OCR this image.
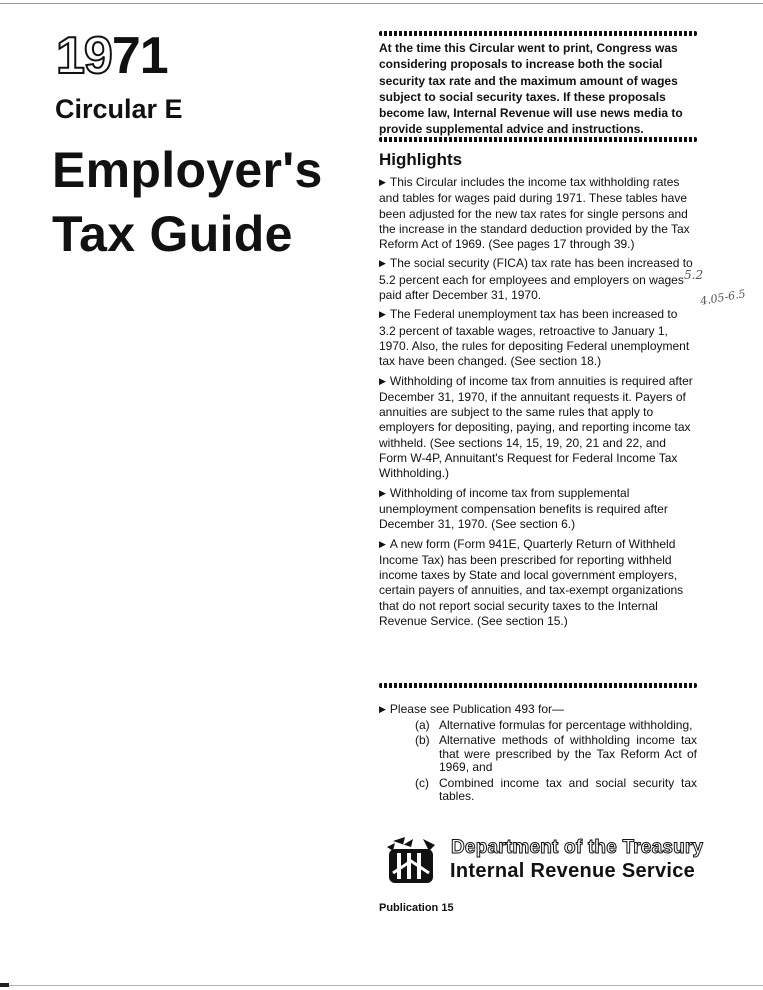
1971
Circular E
Employer's
Tax Guide
At the time this Circular went to print, Congress was considering proposals to increase both the social security tax rate and the maximum amount of wages subject to social security taxes. If these proposals become law, Internal Revenue will use news media to provide supplemental advice and instructions.
Highlights
▶ This Circular includes the income tax withholding rates and tables for wages paid during 1971. These tables have been adjusted for the new tax rates for single persons and the increase in the standard deduction provided by the Tax Reform Act of 1969. (See pages 17 through 39.)
▶ The social security (FICA) tax rate has been increased to 5.2 percent each for employees and employers on wages paid after December 31, 1970.
▶ The Federal unemployment tax has been increased to 3.2 percent of taxable wages, retroactive to January 1, 1970. Also, the rules for depositing Federal unemployment tax have been changed. (See section 18.)
▶ Withholding of income tax from annuities is required after December 31, 1970, if the annuitant requests it. Payers of annuities are subject to the same rules that apply to employers for depositing, paying, and reporting income tax withheld. (See sections 14, 15, 19, 20, 21 and 22, and Form W-4P, Annuitant's Request for Federal Income Tax Withholding.)
▶ Withholding of income tax from supplemental unemployment compensation benefits is required after December 31, 1970. (See section 6.)
▶ A new form (Form 941E, Quarterly Return of Withheld Income Tax) has been prescribed for reporting withheld income taxes by State and local government employers, certain payers of annuities, and tax-exempt organizations that do not report social security taxes to the Internal Revenue Service. (See section 15.)
▶ Please see Publication 493 for—
(a) Alternative formulas for percentage withholding,
(b) Alternative methods of withholding income tax that were prescribed by the Tax Reform Act of 1969, and
(c) Combined income tax and social security tax tables.
Department of the Treasury
Internal Revenue Service
Publication 15
5.2
4.05-6.5
